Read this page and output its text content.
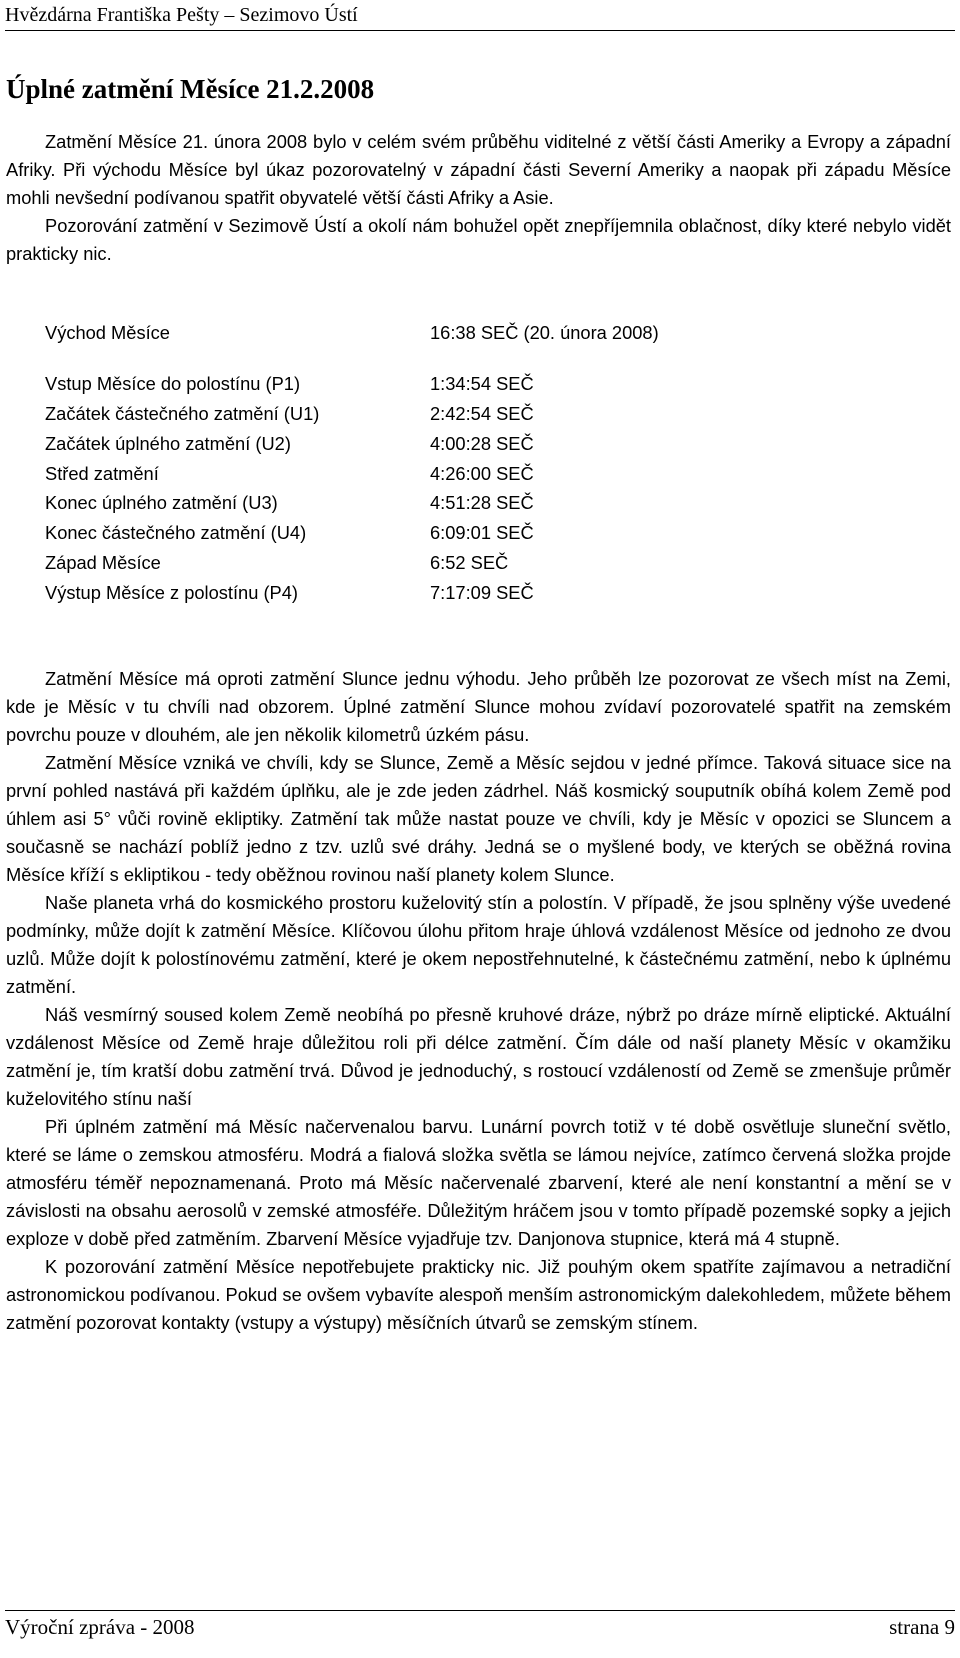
Hvězdárna Františka Pešty – Sezimovo Ústí
Úplné zatmění Měsíce 21.2.2008

Zatmění Měsíce 21. února 2008 bylo v celém svém průběhu viditelné z větší části Ameriky a Evropy a západní Afriky. Při východu Měsíce byl úkaz pozorovatelný v západní části Severní Ameriky a naopak při západu Měsíce mohli nevšední podívanou spatřit obyvatelé větší části Afriky a Asie.

Pozorování zatmění v Sezimově Ústí a okolí nám bohužel opět znepříjemnila oblačnost, díky které nebylo vidět prakticky nic.

Východ Měsíce	16:38 SEČ (20. února 2008)
Vstup Měsíce do polostínu (P1)	1:34:54 SEČ
Začátek částečného zatmění (U1)	2:42:54 SEČ
Začátek úplného zatmění (U2)	4:00:28 SEČ
Střed zatmění	4:26:00 SEČ
Konec úplného zatmění (U3)	4:51:28 SEČ
Konec částečného zatmění (U4)	6:09:01 SEČ
Západ Měsíce	6:52 SEČ
Výstup Měsíce z polostínu (P4)	7:17:09 SEČ

Zatmění Měsíce má oproti zatmění Slunce jednu výhodu. Jeho průběh lze pozorovat ze všech míst na Zemi, kde je Měsíc v tu chvíli nad obzorem. Úplné zatmění Slunce mohou zvídaví pozorovatelé spatřit na zemském povrchu pouze v dlouhém, ale jen několik kilometrů úzkém pásu.

Zatmění Měsíce vzniká ve chvíli, kdy se Slunce, Země a Měsíc sejdou v jedné přímce. Taková situace sice na první pohled nastává při každém úplňku, ale je zde jeden zádrhel. Náš kosmický souputník obíhá kolem Země pod úhlem asi 5° vůči rovině ekliptiky. Zatmění tak může nastat pouze ve chvíli, kdy je Měsíc v opozici se Sluncem a současně se nachází poblíž jedno z tzv. uzlů své dráhy. Jedná se o myšlené body, ve kterých se oběžná rovina Měsíce kříží s ekliptikou - tedy oběžnou rovinou naší planety kolem Slunce.

Naše planeta vrhá do kosmického prostoru kuželovitý stín a polostín. V případě, že jsou splněny výše uvedené podmínky, může dojít k zatmění Měsíce. Klíčovou úlohu přitom hraje úhlová vzdálenost Měsíce od jednoho ze dvou uzlů. Může dojít k polostínovému zatmění, které je okem nepostřehnutelné, k částečnému zatmění, nebo k úplnému zatmění.

Náš vesmírný soused kolem Země neobíhá po přesně kruhové dráze, nýbrž po dráze mírně eliptické. Aktuální vzdálenost Měsíce od Země hraje důležitou roli při délce zatmění. Čím dále od naší planety Měsíc v okamžiku zatmění je, tím kratší dobu zatmění trvá. Důvod je jednoduchý, s rostoucí vzdáleností od Země se zmenšuje průměr kuželovitého stínu naší

Při úplném zatmění má Měsíc načervenalou barvu. Lunární povrch totiž v té době osvětluje sluneční světlo, které se láme o zemskou atmosféru. Modrá a fialová složka světla se lámou nejvíce, zatímco červená složka projde atmosféru téměř nepoznamenaná. Proto má Měsíc načervenalé zbarvení, které ale není konstantní a mění se v závislosti na obsahu aerosolů v zemské atmosféře. Důležitým hráčem jsou v tomto případě pozemské sopky a jejich exploze v době před zatměním. Zbarvení Měsíce vyjadřuje tzv. Danjonova stupnice, která má 4 stupně.

K pozorování zatmění Měsíce nepotřebujete prakticky nic. Již pouhým okem spatříte zajímavou a netradiční astronomickou podívanou. Pokud se ovšem vybavíte alespoň menším astronomickým dalekohledem, můžete během zatmění pozorovat kontakty (vstupy a výstupy) měsíčních útvarů se zemským stínem.

Výroční zpráva - 2008	strana 9
